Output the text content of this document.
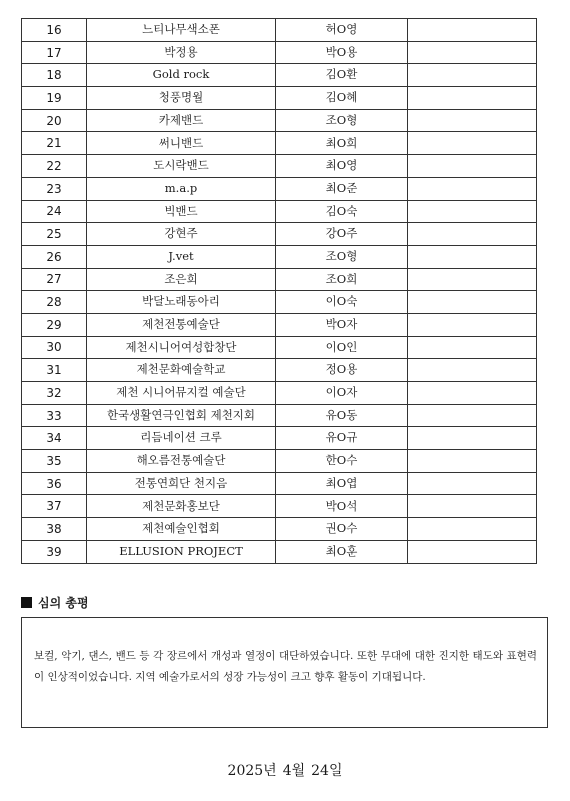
16	느티나무색소폰	허O영	
17	박정용	박O용	
18	Gold rock	김O환	
19	청풍명월	김O혜	
20	카제밴드	조O형	
21	써니밴드	최O희	
22	도시락밴드	최O영	
23	m.a.p	최O준	
24	빅밴드	김O숙	
25	강현주	강O주	
26	J.vet	조O형	
27	조은희	조O희	
28	박달노래동아리	이O숙	
29	제천전통예술단	박O자	
30	제천시니어여성합창단	이O인	
31	제천문화예술학교	정O용	
32	제천 시니어뮤지컬 예술단	이O자	
33	한국생활연극인협회 제천지회	유O동	
34	리듬네이션 크루	유O규	
35	해오름전통예술단	한O수	
36	전통연희단 천지음	최O엽	
37	제천문화홍보단	박O석	
38	제천예술인협회	권O수	
39	ELLUSION PROJECT	최O훈	
심의 총평
보컬, 악기, 댄스, 밴드 등 각 장르에서 개성과 열정이 대단하였습니다. 또한 무대에 대한 진지한 태도와 표현력이 인상적이었습니다. 지역 예술가로서의 성장 가능성이 크고 향후 활동이 기대됩니다.
2025년 4월 24일
